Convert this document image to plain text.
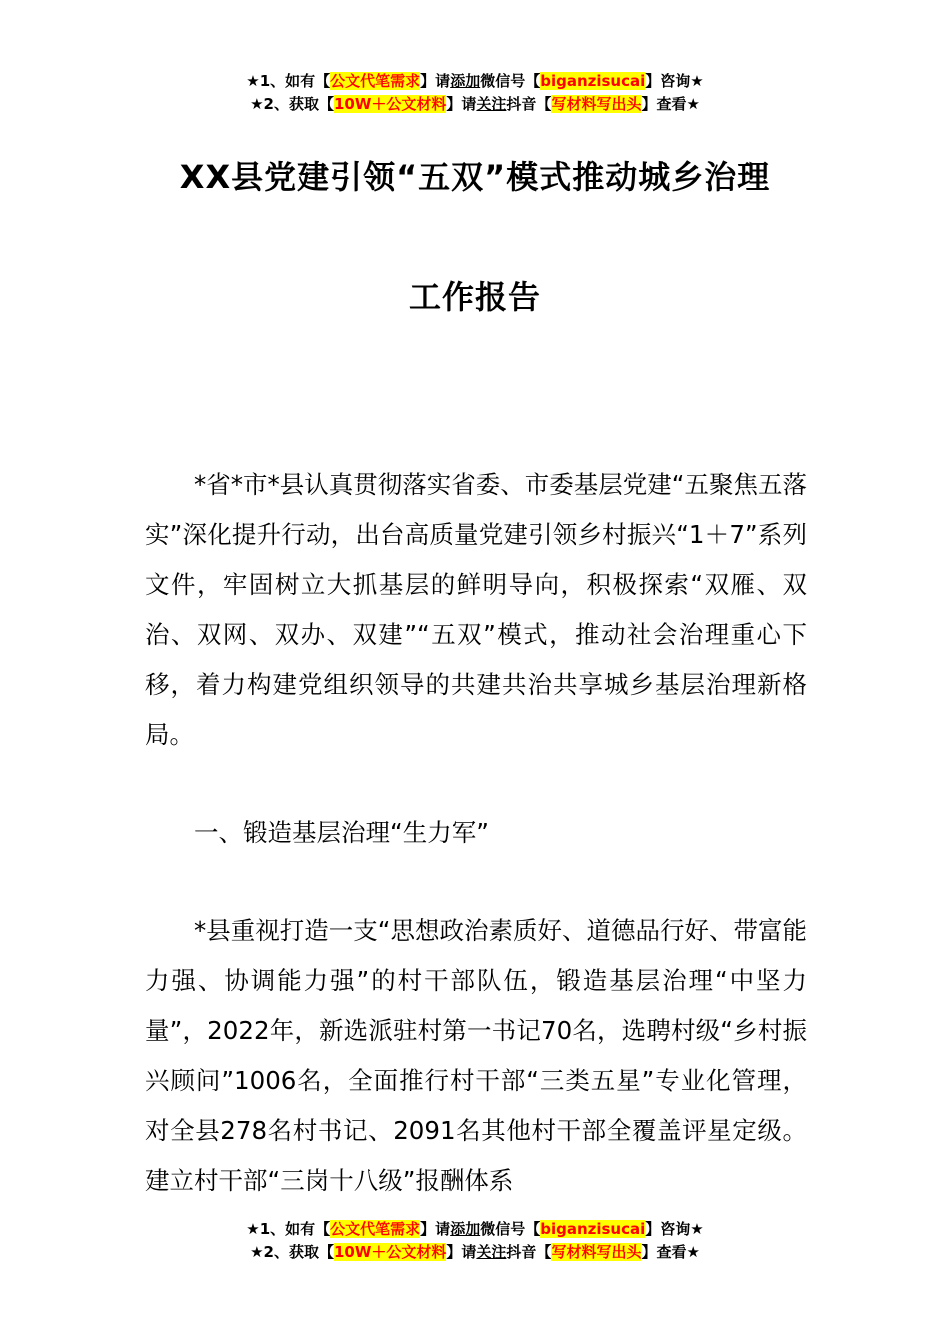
★1、如有【公文代笔需求】请添加微信号【biganzisucai】咨询★
★2、获取【10W＋公文材料】请关注抖音【写材料写出头】查看★
XX县党建引领“五双”模式推动城乡治理
工作报告

*省*市*县认真贯彻落实省委、市委基层党建“五聚焦五落实”深化提升行动，出台高质量党建引领乡村振兴“1＋7”系列文件，牢固树立大抓基层的鲜明导向，积极探索“双雁、双治、双网、双办、双建”“五双”模式，推动社会治理重心下移，着力构建党组织领导的共建共治共享城乡基层治理新格局。

一、锻造基层治理“生力军”

*县重视打造一支“思想政治素质好、道德品行好、带富能力强、协调能力强”的村干部队伍，锻造基层治理“中坚力量”，2022年，新选派驻村第一书记70名，选聘村级“乡村振兴顾问”1006名，全面推行村干部“三类五星”专业化管理，对全县278名村书记、2091名其他村干部全覆盖评星定级。建立村干部“三岗十八级”报酬体系

★1、如有【公文代笔需求】请添加微信号【biganzisucai】咨询★
★2、获取【10W＋公文材料】请关注抖音【写材料写出头】查看★
